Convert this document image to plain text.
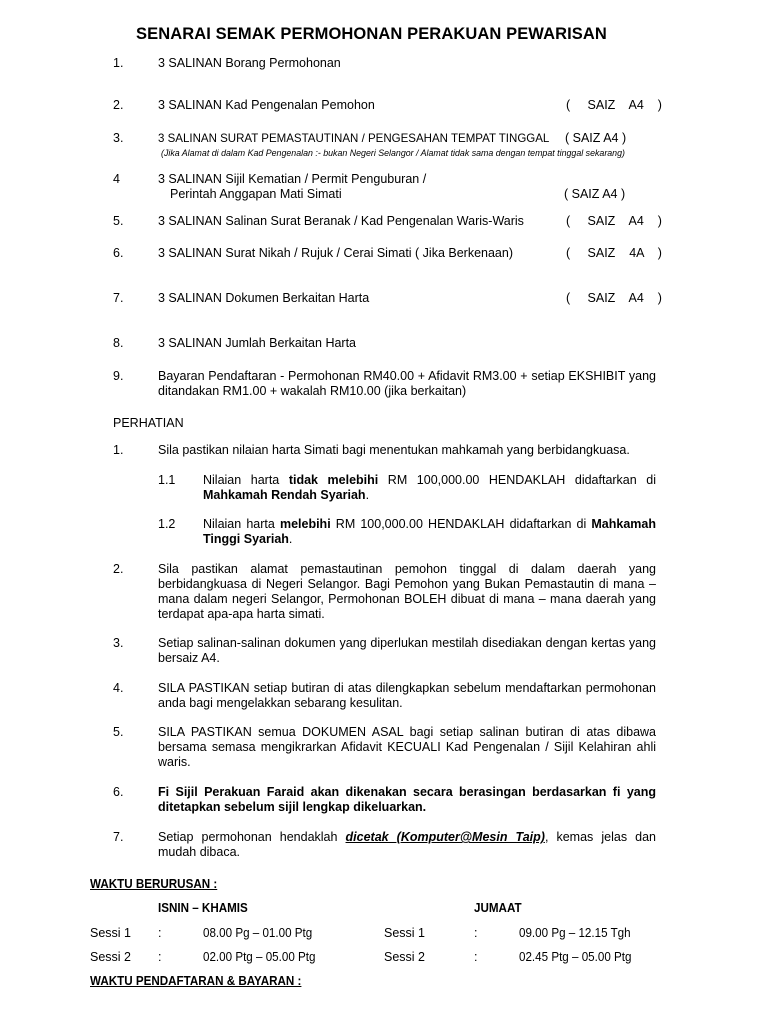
SENARAI SEMAK PERMOHONAN PERAKUAN PEWARISAN
1.	3 SALINAN Borang Permohonan
2.	3 SALINAN Kad Pengenalan Pemohon	(     SAIZ    A4    )
3.	3 SALINAN SURAT PEMASTAUTINAN / PENGESAHAN TEMPAT TINGGAL ( SAIZ A4 )
(Jika Alamat di dalam Kad Pengenalan :- bukan Negeri Selangor / Alamat tidak sama dengan tempat tinggal sekarang)
4	3 SALINAN Sijil Kematian / Permit Penguburan /
Perintah Anggapan Mati Simati	( SAIZ A4 )
5.	3 SALINAN Salinan Surat Beranak / Kad Pengenalan Waris-Waris	(     SAIZ    A4    )
6.	3 SALINAN Surat Nikah / Rujuk / Cerai Simati ( Jika Berkenaan)	(     SAIZ    4A    )
7.	3 SALINAN Dokumen Berkaitan Harta	(     SAIZ    A4    )
8.	3 SALINAN Jumlah Berkaitan Harta
9.	Bayaran Pendaftaran - Permohonan RM40.00 + Afidavit RM3.00 + setiap EKSHIBIT yang ditandakan RM1.00 + wakalah RM10.00 (jika berkaitan)
PERHATIAN
1.	Sila pastikan nilaian harta Simati bagi menentukan mahkamah yang berbidangkuasa.
1.1 Nilaian harta tidak melebihi RM 100,000.00 HENDAKLAH didaftarkan di Mahkamah Rendah Syariah.
1.2 Nilaian harta melebihi RM 100,000.00 HENDAKLAH didaftarkan di Mahkamah Tinggi Syariah.
2.	Sila pastikan alamat pemastautinan pemohon tinggal di dalam daerah yang berbidangkuasa di Negeri Selangor. Bagi Pemohon yang Bukan Pemastautin di mana – mana dalam negeri Selangor, Permohonan BOLEH dibuat di mana – mana daerah yang terdapat apa-apa harta simati.
3.	Setiap salinan-salinan dokumen yang diperlukan mestilah disediakan dengan kertas yang bersaiz A4.
4.	SILA PASTIKAN setiap butiran di atas dilengkapkan sebelum mendaftarkan permohonan anda bagi mengelakkan sebarang kesulitan.
5.	SILA PASTIKAN semua DOKUMEN ASAL bagi setiap salinan butiran di atas dibawa bersama semasa mengikrarkan Afidavit KECUALI Kad Pengenalan / Sijil Kelahiran ahli waris.
6.	Fi Sijil Perakuan Faraid akan dikenakan secara berasingan berdasarkan fi yang ditetapkan sebelum sijil lengkap dikeluarkan.
7.	Setiap permohonan hendaklah dicetak (Komputer@Mesin Taip), kemas jelas dan mudah dibaca.
WAKTU BERURUSAN :
ISNIN – KHAMIS	JUMAAT
Sessi 1 :	08.00 Pg – 01.00 Ptg	Sessi 1	:	09.00 Pg – 12.15 Tgh
Sessi 2 :	02.00 Ptg – 05.00 Ptg	Sessi 2	:	02.45 Ptg – 05.00 Ptg
WAKTU PENDAFTARAN & BAYARAN :
